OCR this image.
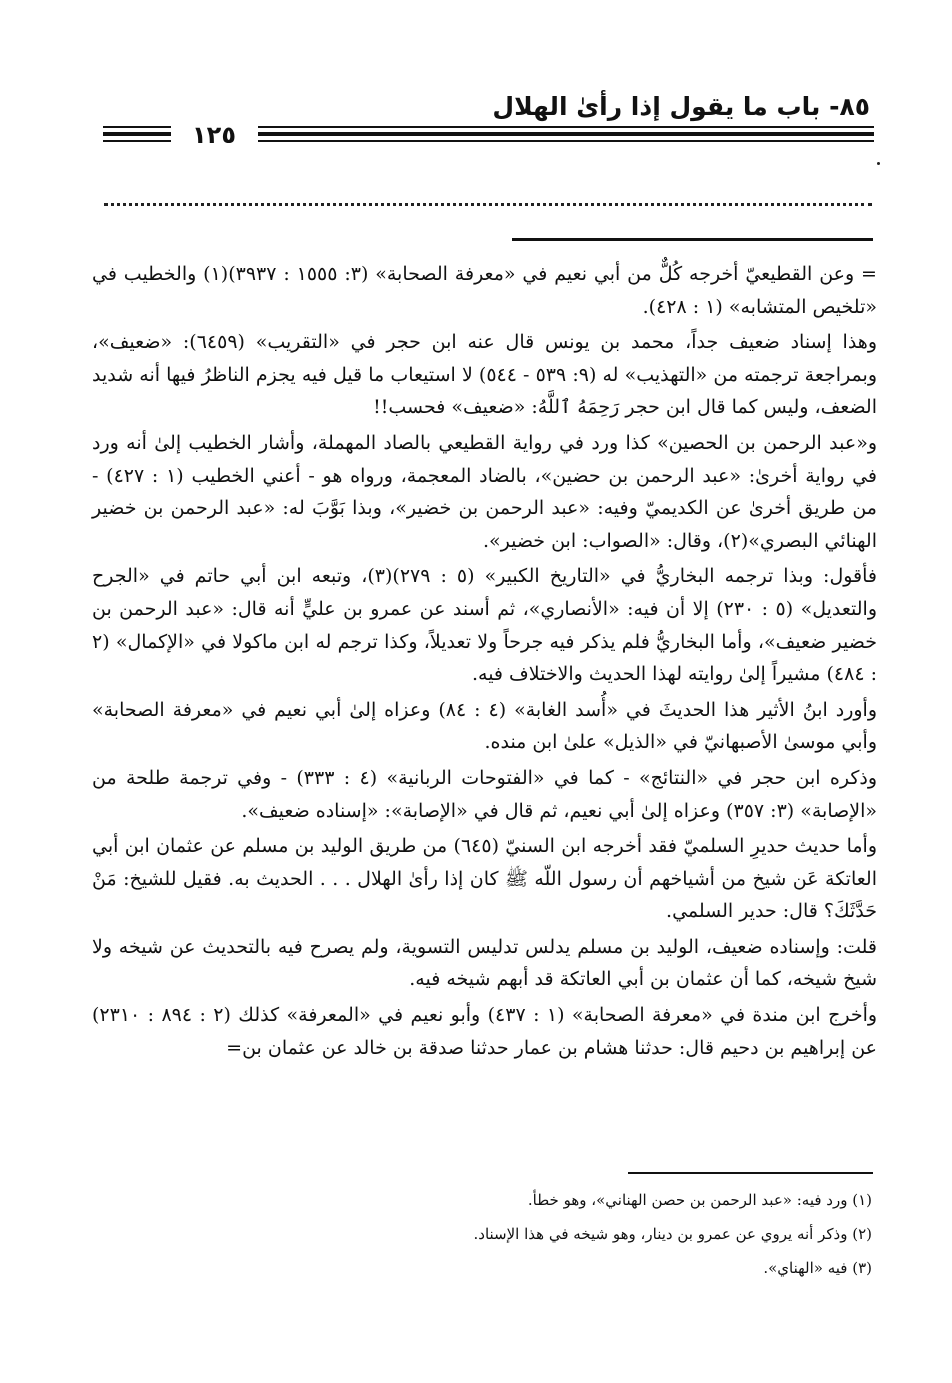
٨٥- باب ما يقول إذا رأىٰ الهلال
١٢٥

= وعن القطيعيّ أخرجه كُلٌّ من أبي نعيم في «معرفة الصحابة» (٣: ١٥٥٥ : ٣٩٣٧)(١) والخطيب في «تلخيص المتشابه» (١ : ٤٢٨).

وهذا إسناد ضعيف جداً، محمد بن يونس قال عنه ابن حجر في «التقريب» (٦٤٥٩): «ضعيف»، وبمراجعة ترجمته من «التهذيب» له (٩: ٥٣٩ - ٥٤٤) لا استيعاب ما قيل فيه يجزم الناظرُ فيها أنه شديد الضعف، وليس كما قال ابن حجر رَحِمَهُ ٱللَّهُ: «ضعيف» فحسب!!

و«عبد الرحمن بن الحصين» كذا ورد في رواية القطيعي بالصاد المهملة، وأشار الخطيب إلىٰ أنه ورد في رواية أخرىٰ: «عبد الرحمن بن حضين»، بالضاد المعجمة، ورواه هو - أعني الخطيب (١ : ٤٢٧) - من طريق أخرىٰ عن الكديميّ وفيه: «عبد الرحمن بن خضير»، وبذا بَوَّبَ له: «عبد الرحمن بن خضير الهنائي البصري»(٢)، وقال: «الصواب: ابن خضير».

فأقول: وبذا ترجمه البخاريُّ في «التاريخ الكبير» (٥ : ٢٧٩)(٣)، وتبعه ابن أبي حاتم في «الجرح والتعديل» (٥ : ٢٣٠) إلا أن فيه: «الأنصاري»، ثم أسند عن عمرو بن عليٍّ أنه قال: «عبد الرحمن بن خضير ضعيف»، وأما البخاريُّ فلم يذكر فيه جرحاً ولا تعديلاً، وكذا ترجم له ابن ماكولا في «الإكمال» (٢ : ٤٨٤) مشيراً إلىٰ روايته لهذا الحديث والاختلاف فيه.

وأورد ابنُ الأثير هذا الحديثَ في «أُسد الغابة» (٤ : ٨٤) وعزاه إلىٰ أبي نعيم في «معرفة الصحابة» وأبي موسىٰ الأصبهانيّ في «الذيل» علىٰ ابن منده.

وذكره ابن حجر في «النتائج» - كما في «الفتوحات الربانية» (٤ : ٣٣٣) - وفي ترجمة طلحة من «الإصابة» (٣: ٣٥٧) وعزاه إلىٰ أبي نعيم، ثم قال في «الإصابة»: «إسناده ضعيف».

وأما حديث حديرِ السلميّ فقد أخرجه ابن السنيّ (٦٤٥) من طريق الوليد بن مسلم عن عثمان ابن أبي العاتكة عَن شيخ من أشياخهم أن رسول اللّه ﷺ كان إذا رأىٰ الهلال . . . الحديث به. فقيل للشيخ: مَنْ حَدَّثَكَ؟ قال: حدير السلمي.

قلت: وإسناده ضعيف، الوليد بن مسلم يدلس تدليس التسوية، ولم يصرح فيه بالتحديث عن شيخه ولا شيخ شيخه، كما أن عثمان بن أبي العاتكة قد أبهم شيخه فيه.

وأخرج ابن مندة في «معرفة الصحابة» (١ : ٤٣٧) وأبو نعيم في «المعرفة» كذلك (٢ : ٨٩٤ : ٢٣١٠) عن إبراهيم بن دحيم قال: حدثنا هشام بن عمار حدثنا صدقة بن خالد عن عثمان بن=

(١) ورد فيه: «عبد الرحمن بن حصن الهناني»، وهو خطأ.

(٢) وذكر أنه يروي عن عمرو بن دينار، وهو شيخه في هذا الإسناد.

(٣) فيه «الهناي».
